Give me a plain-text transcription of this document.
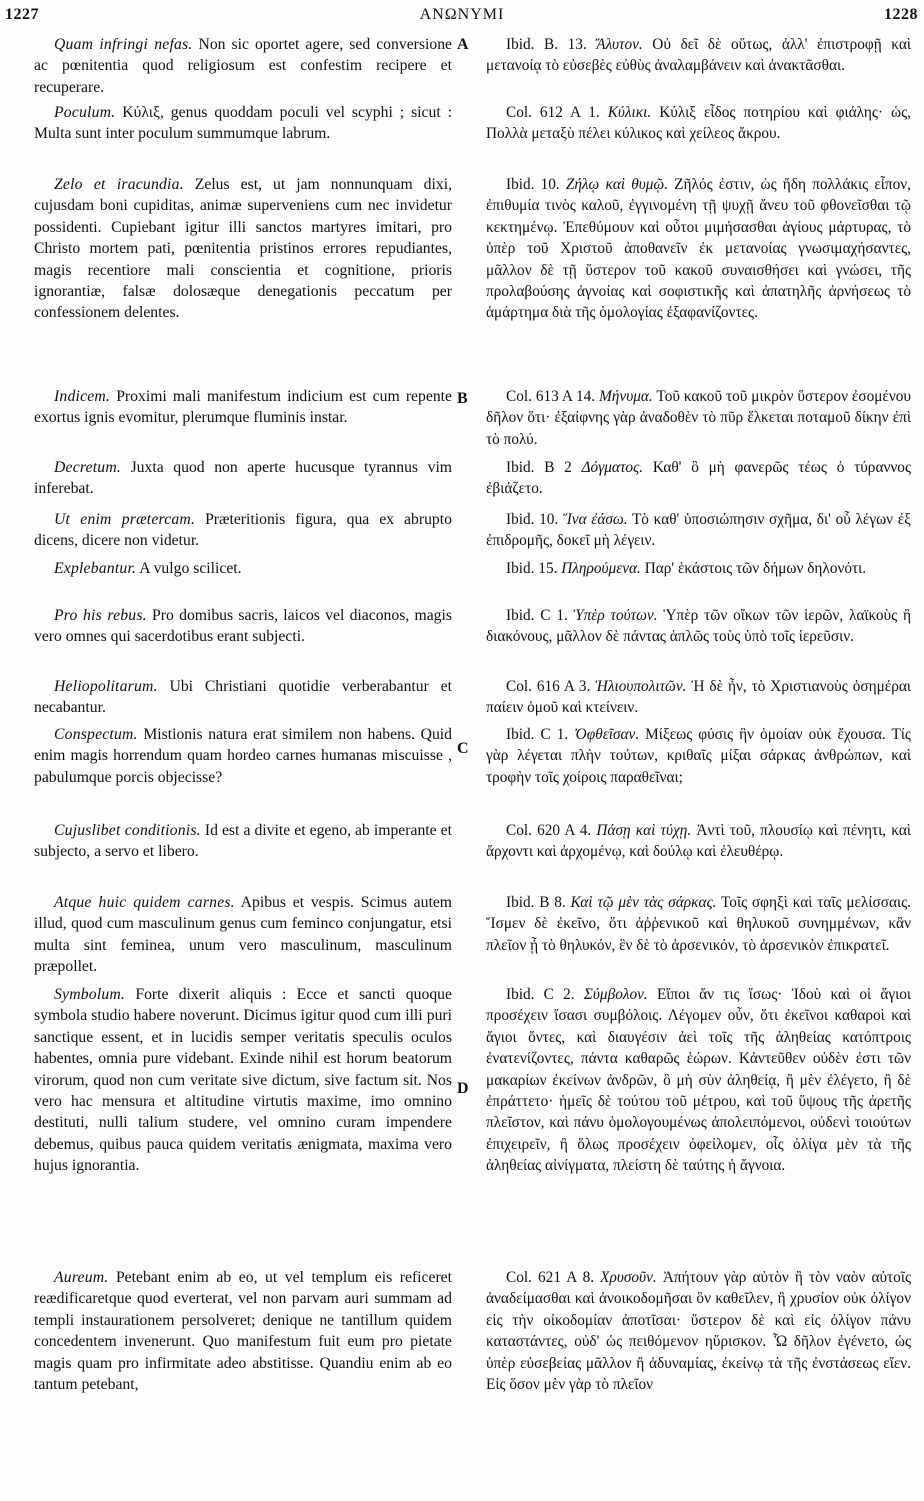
1227	ΑΝΩΝΥΜΙ	1228
A
B
C
D
Quam infringi nefas. Non sic oportet agere, sed conversione ac pœnitentia quod religiosum est confestim recipere et recuperare.
Poculum. Κύλιξ, genus quoddam poculi vel scyphi ; sicut : Multa sunt inter poculum summumque labrum.
Zelo et iracundia. Zelus est, ut jam nonnunquam dixi, cujusdam boni cupiditas, animæ superveniens cum nec invidetur possidenti. Cupiebant igitur illi sanctos martyres imitari, pro Christo mortem pati, pœnitentia pristinos errores repudiantes, magis recentiore mali conscientia et cognitione, prioris ignorantiæ, falsæ dolosæque denegationis peccatum per confessionem delentes.
Indicem. Proximi mali manifestum indicium est cum repente exortus ignis evomitur, plerumque fluminis instar.
Decretum. Juxta quod non aperte hucusque tyrannus vim inferebat.
Ut enim prætercam. Præteritionis figura, qua ex abrupto dicens, dicere non videtur.
Explebantur. A vulgo scilicet.
Pro his rebus. Pro domibus sacris, laicos vel diaconos, magis vero omnes qui sacerdotibus erant subjecti.
Heliopolitarum. Ubi Christiani quotidie verberabantur et necabantur.
Conspectum. Mistionis natura erat similem non habens. Quid enim magis horrendum quam hordeo carnes humanas miscuisse , pabulumque porcis objecisse?
Cujuslibet conditionis. Id est a divite et egeno, ab imperante et subjecto, a servo et libero.
Atque huic quidem carnes. Apibus et vespis. Scimus autem illud, quod cum masculinum genus cum feminco conjungatur, etsi multa sint feminea, unum vero masculinum, masculinum præpollet.
Symbolum. Forte dixerit aliquis : Ecce et sancti quoque symbola studio habere noverunt. Dicimus igitur quod cum illi puri sanctique essent, et in lucidis semper veritatis speculis oculos habentes, omnia pure videbant. Exinde nihil est horum beatorum virorum, quod non cum veritate sive dictum, sive factum sit. Nos vero hac mensura et altitudine virtutis maxime, imo omnino destituti, nulli talium studere, vel omnino curam impendere debemus, quibus pauca quidem veritatis ænigmata, maxima vero hujus ignorantia.
Aureum. Petebant enim ab eo, ut vel templum eis reficeret reædificaretque quod everterat, vel non parvam auri summam ad templi instaurationem persolveret; denique ne tantillum quidem concedentem invenerunt. Quo manifestum fuit eum pro pietate magis quam pro infirmitate adeo abstitisse. Quandiu enim ab eo tantum petebant,
Ibid. B. 13. Ἄλυτον. Οὐ δεῖ δὲ οὕτως, ἀλλ' ἐπιστροφῇ καὶ μετανοίᾳ τὸ εὐσεβὲς εὐθὺς ἀναλαμβάνειν καὶ ἀνακτᾶσθαι.
Col. 612 A 1. Κύλικι. Κύλιξ εἶδος ποτηρίου καὶ φιάλης· ὡς, Πολλὰ μεταξὺ πέλει κύλικος καὶ χείλεος ἄκρου.
Ibid. 10. Ζήλῳ καὶ θυμῷ. Ζῆλός ἐστιν, ὡς ἤδη πολλάκις εἶπον, ἐπιθυμία τινὸς καλοῦ, ἐγγινομένη τῇ ψυχῇ ἄνευ τοῦ φθονεῖσθαι τῷ κεκτημένῳ. Ἐπεθύμουν καὶ οὗτοι μιμήσασθαι ἁγίους μάρτυρας, τὸ ὑπὲρ τοῦ Χριστοῦ ἀποθανεῖν ἐκ μετανοίας γνωσιμαχήσαντες, μᾶλλον δὲ τῇ ὕστερον τοῦ κακοῦ συναισθήσει καὶ γνώσει, τῆς προλαβούσης ἀγνοίας καὶ σοφιστικῆς καὶ ἀπατηλῆς ἀρνήσεως τὸ ἁμάρτημα διὰ τῆς ὁμολογίας ἐξαφανίζοντες.
Col. 613 A 14. Μήνυμα. Τοῦ κακοῦ τοῦ μικρὸν ὕστερον ἐσομένου δῆλον ὅτι· ἐξαίφνης γὰρ ἀναδοθὲν τὸ πῦρ ἕλκεται ποταμοῦ δίκην ἐπὶ τὸ πολύ.
Ibid. B 2 Δόγματος. Καθ' ὃ μὴ φανερῶς τέως ὁ τύραννος ἐβιάζετο.
Ibid. 10. Ἵνα ἐάσω. Τὸ καθ' ὑποσιώπησιν σχῆμα, δι' οὗ λέγων ἐξ ἐπιδρομῆς, δοκεῖ μὴ λέγειν.
Ibid. 15. Πληρούμενα. Παρ' ἑκάστοις τῶν δήμων δηλονότι.
Ibid. C 1. Ὑπὲρ τούτων. Ὑπὲρ τῶν οἴκων τῶν ἱερῶν, λαϊκοὺς ἢ διακόνους, μᾶλλον δὲ πάντας ἁπλῶς τοὺς ὑπὸ τοῖς ἱερεῦσιν.
Col. 616 A 3. Ἡλιουπολιτῶν. Ἡ δὲ ἦν, τὸ Χριστιανοὺς ὁσημέραι παίειν ὁμοῦ καὶ κτείνειν.
Ibid. C 1. Ὀφθεῖσαν. Μίξεως φύσις ἣν ὁμοίαν οὐκ ἔχουσα. Τίς γὰρ λέγεται πλὴν τούτων, κριθαῖς μίξαι σάρκας ἀνθρώπων, καὶ τροφὴν τοῖς χοίροις παραθεῖναι;
Col. 620 A 4. Πάσῃ καὶ τύχῃ. Ἀντὶ τοῦ, πλουσίῳ καὶ πένητι, καὶ ἄρχοντι καὶ ἀρχομένῳ, καὶ δούλῳ καὶ ἐλευθέρῳ.
Ibid. B 8. Καὶ τῷ μὲν τὰς σάρκας. Τοῖς σφηξὶ καὶ ταῖς μελίσσαις. Ἴσμεν δὲ ἐκεῖνο, ὅτι ἀῤῥενικοῦ καὶ θηλυκοῦ συνημμένων, κἂν πλεῖον ᾖ τὸ θηλυκόν, ἓν δὲ τὸ ἀρσενικόν, τὸ ἀρσενικὸν ἐπικρατεῖ.
Ibid. C 2. Σύμβολον. Εἴποι ἄν τις ἴσως· Ἰδοὺ καὶ οἱ ἅγιοι προσέχειν ἴσασι συμβόλοις. Λέγομεν οὖν, ὅτι ἐκεῖνοι καθαροὶ καὶ ἅγιοι ὄντες, καὶ διαυγέσιν ἀεὶ τοῖς τῆς ἀληθείας κατόπτροις ἐνατενίζοντες, πάντα καθαρῶς ἑώρων. Κἀντεῦθεν οὐδὲν ἐστι τῶν μακαρίων ἐκείνων ἀνδρῶν, ὃ μὴ σὺν ἀληθείᾳ, ἢ μὲν ἐλέγετο, ἢ δὲ ἐπράττετο· ἡμεῖς δὲ τούτου τοῦ μέτρου, καὶ τοῦ ὕψους τῆς ἀρετῆς πλεῖστον, καὶ πάνυ ὁμολογουμένως ἀπολειπόμενοι, οὐδενὶ τοιούτων ἐπιχειρεῖν, ἢ ὅλως προσέχειν ὀφείλομεν, οἷς ὀλίγα μὲν τὰ τῆς ἀληθείας αἰνίγματα, πλείστη δὲ ταύτης ἡ ἄγνοια.
Col. 621 A 8. Χρυσοῦν. Ἀπήτουν γὰρ αὐτὸν ἢ τὸν ναὸν αὐτοῖς ἀναδείμασθαι καὶ ἀνοικοδομῆσαι ὃν καθεῖλεν, ἢ χρυσίον οὐκ ὀλίγον εἰς τὴν οἰκοδομίαν ἀποτῖσαι· ὕστερον δὲ καὶ εἰς ὀλίγον πάνυ καταστάντες, οὐδ' ὡς πειθόμενον ηὕρισκον. Ὧ δῆλον ἐγένετο, ὡς ὑπὲρ εὐσεβείας μᾶλλον ἢ ἀδυναμίας, ἐκείνῳ τὰ τῆς ἐνστάσεως εἴεν. Εἰς ὅσον μὲν γὰρ τὸ πλεῖον
